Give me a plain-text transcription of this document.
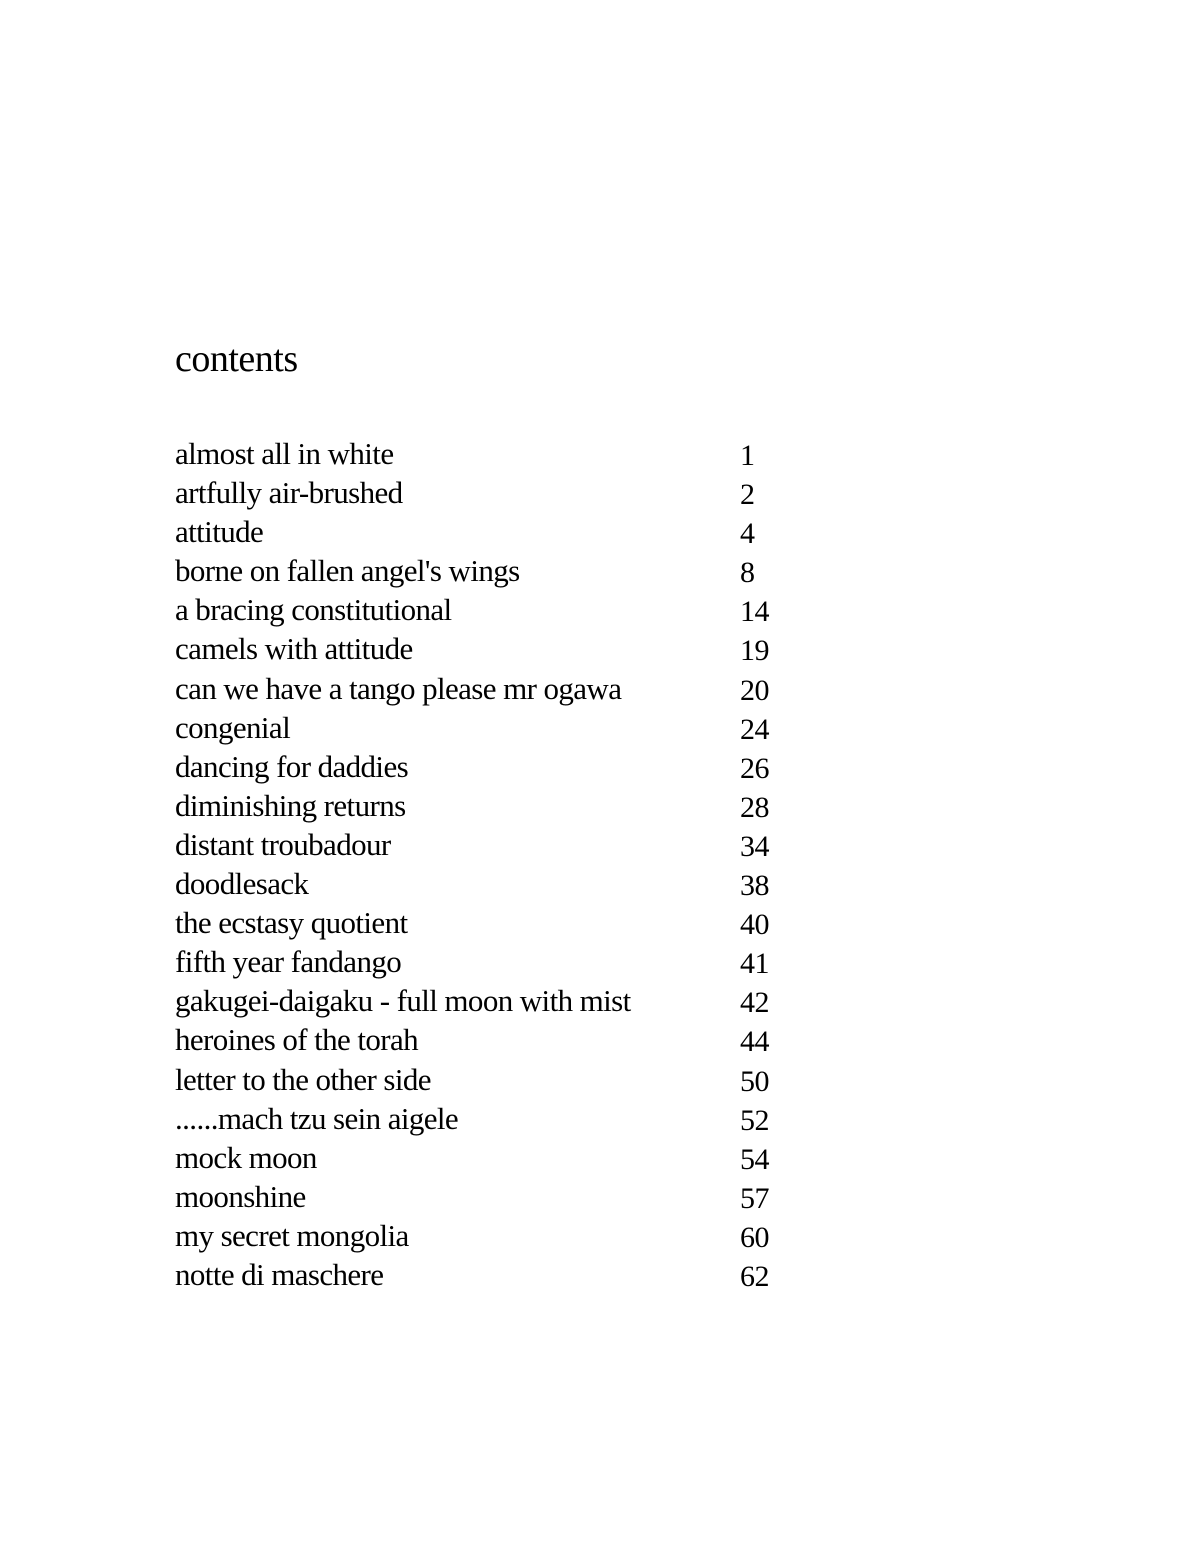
contents
almost all in white	1
artfully air-brushed	2
attitude	4
borne on fallen angel's wings	8
a bracing constitutional	14
camels with attitude	19
can we have a tango please mr ogawa	20
congenial	24
dancing for daddies	26
diminishing returns	28
distant troubadour	34
doodlesack	38
the ecstasy quotient	40
fifth year fandango	41
gakugei-daigaku - full moon with mist	42
heroines of the torah	44
letter to the other side	50
......mach tzu sein aigele	52
mock moon	54
moonshine	57
my secret mongolia	60
notte di maschere	62
